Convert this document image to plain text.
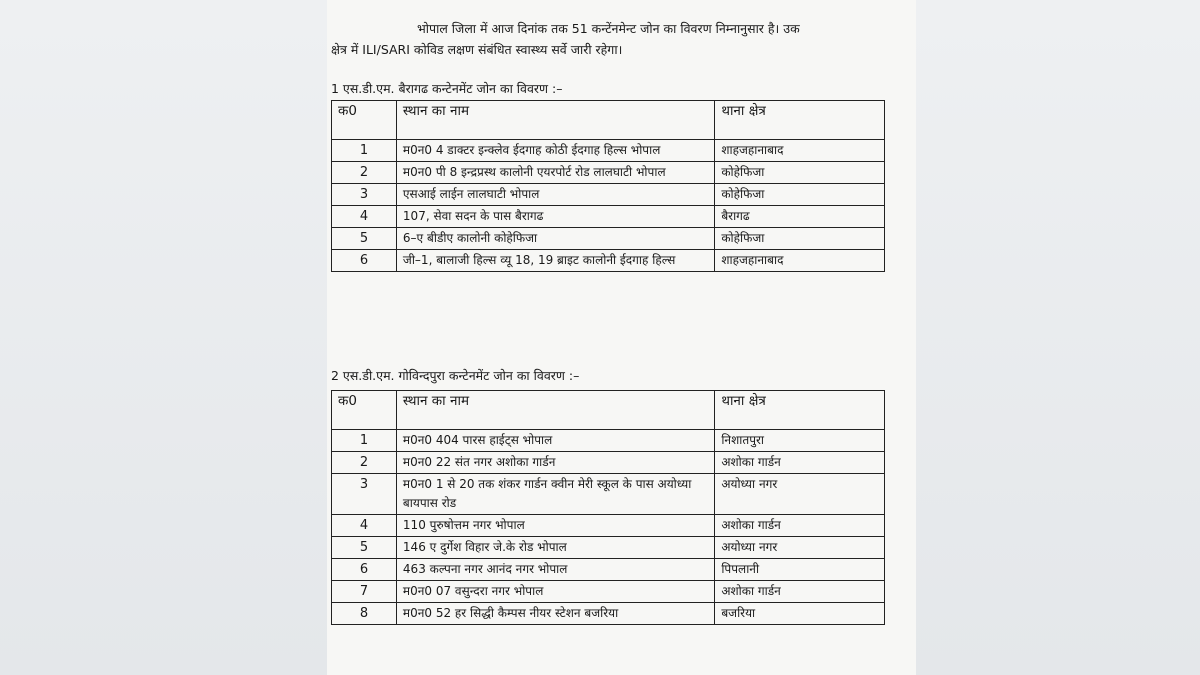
भोपाल जिला में आज दिनांक तक 51 कन्टेंनमेन्ट जोन का विवरण निम्नानुसार है। उक
क्षेत्र में ILI/SARI कोविड लक्षण संबंधित स्वास्थ्य सर्वे जारी रहेगा।
1 एस.डी.एम. बैरागढ कन्टेनमेंट जोन का विवरण :–
क0	स्थान का नाम	थाना क्षेत्र
1	म0न0 4 डाक्टर इन्क्लेव ईदगाह कोठी ईदगाह हिल्स भोपाल	शाहजहानाबाद
2	म0न0 पी 8 इन्द्रप्रस्थ कालोनी एयरपोर्ट रोड लालघाटी भोपाल	कोहेफिजा
3	एसआई लाईन लालघाटी भोपाल	कोहेफिजा
4	107, सेवा सदन के पास बैरागढ	बैरागढ
5	6–ए बीडीए कालोनी कोहेफिजा	कोहेफिजा
6	जी–1, बालाजी हिल्स व्यू 18, 19 ब्राइट कालोनी ईदगाह हिल्स	शाहजहानाबाद
2 एस.डी.एम. गोविन्दपुरा कन्टेनमेंट जोन का विवरण :–
क0	स्थान का नाम	थाना क्षेत्र
1	म0न0 404 पारस हाईट्स भोपाल	निशातपुरा
2	म0न0 22 संत नगर अशोका गार्डन	अशोका गार्डन
3	म0न0 1 से 20 तक शंकर गार्डन क्वीन मेरी स्कूल के पास अयोध्या बायपास रोड	अयोध्या नगर
4	110 पुरुषोत्तम नगर भोपाल	अशोका गार्डन
5	146 ए दुर्गेश विहार जे.के रोड भोपाल	अयोध्या नगर
6	463 कल्पना नगर आनंद नगर भोपाल	पिपलानी
7	म0न0 07 वसुन्दरा नगर भोपाल	अशोका गार्डन
8	म0न0 52 हर सिद्धी कैम्पस नीयर स्टेशन बजरिया	बजरिया
